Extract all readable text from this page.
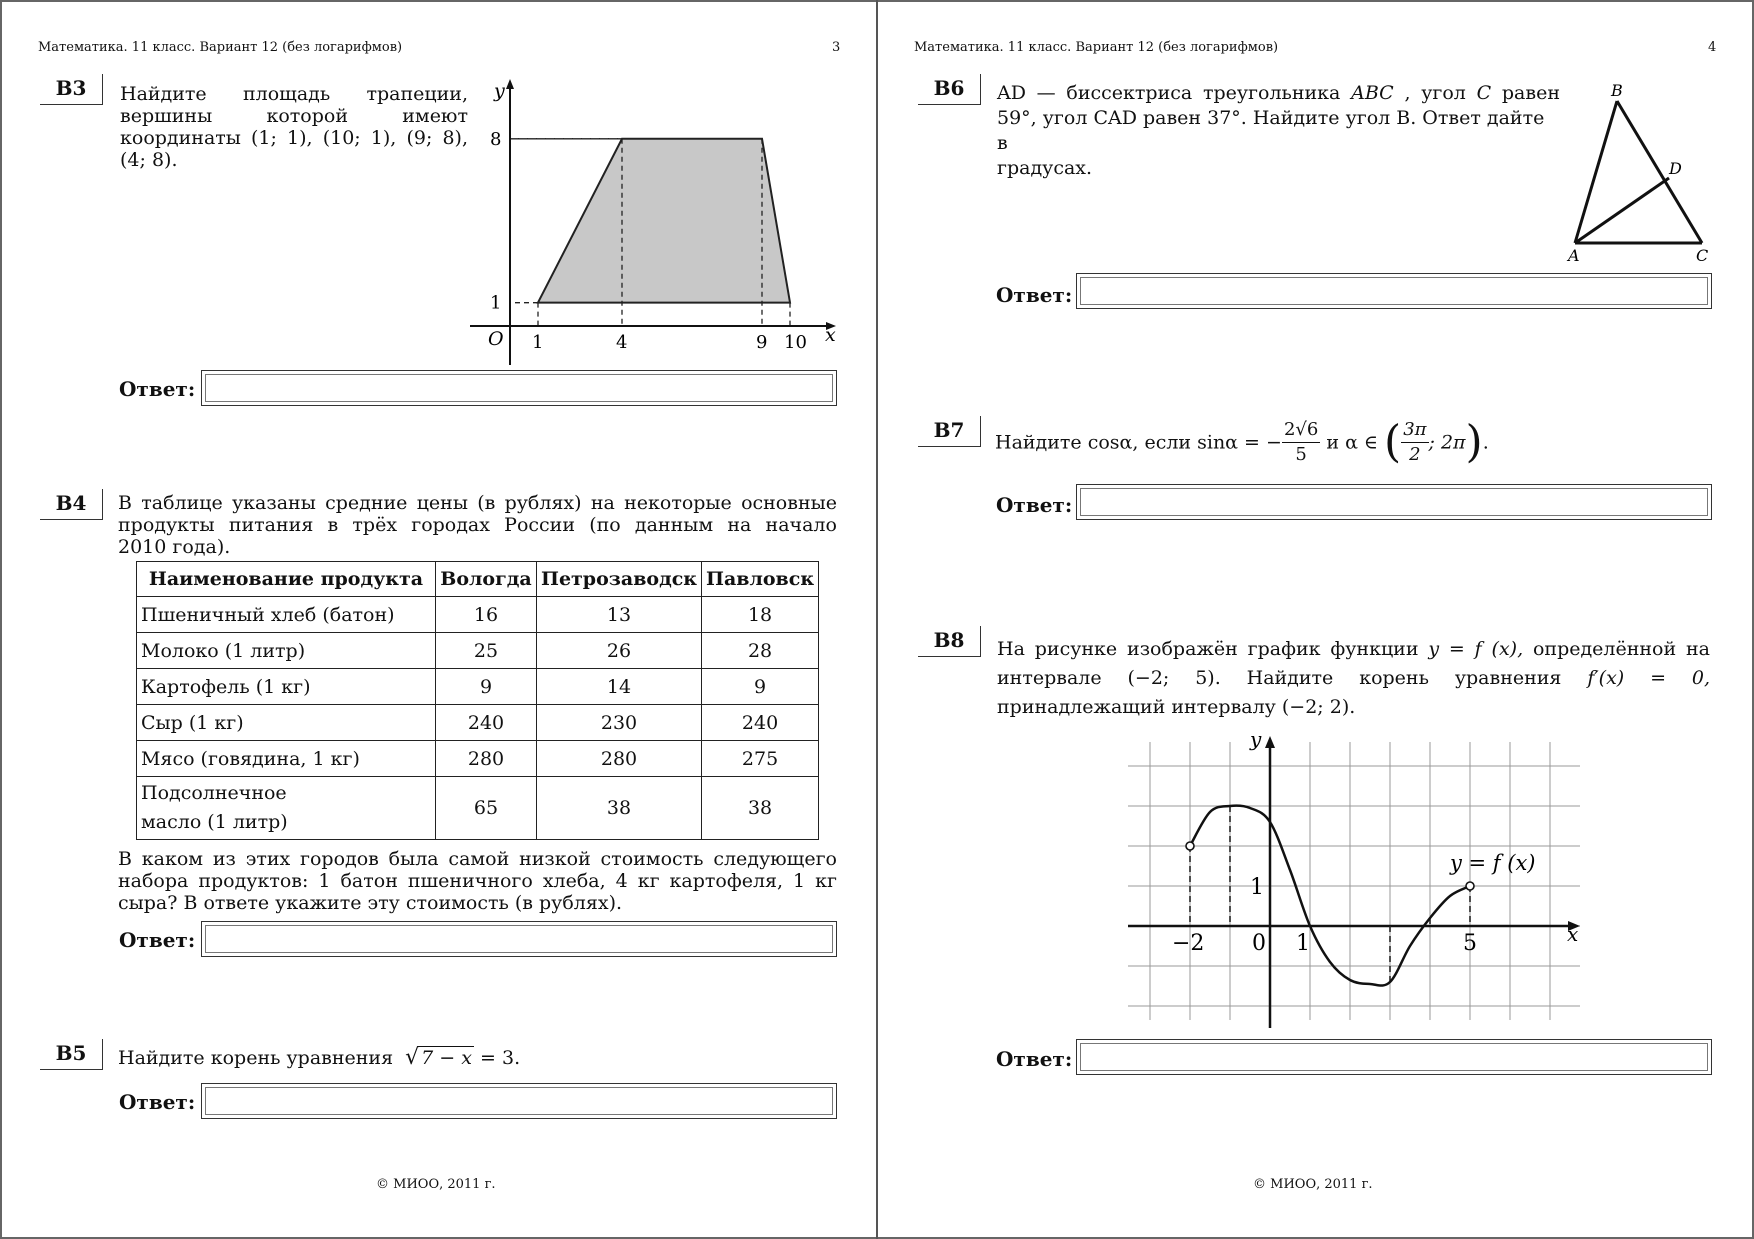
Математика. 11 класс. Вариант 12 (без логарифмов)	3
B3	Найдите площадь трапеции,
вершины	которой	имеют
координаты (1; 1), (10; 1), (9; 8),
(4; 8).
1	4	9 10
1
8
y
x
O
Ответ:
B4	В таблице указаны средние цены (в рублях) на некоторые основные
продукты питания в трёх городах России (по данным на начало
2010 года).
Наименование продукта	Вологда	Петрозаводск	Павловск
Пшеничный хлеб (батон)	16	13	18
Молоко (1 литр)	25	26	28
Картофель (1 кг)	9	14	9
Сыр (1 кг)	240	230	240
Мясо (говядина, 1 кг)	280	280	275

Подсолнечное
масло (1 литр)	65	38	38
В каком из этих городов была самой низкой стоимость следующего
набора продуктов: 1 батон пшеничного хлеба, 4 кг картофеля, 1 кг
сыра? В ответе укажите эту стоимость (в рублях).
Ответ:
B5	Найдите корень уравнения √ 7 − x = 3.
Ответ:
© МИОО, 2011 г.
Математика. 11 класс. Вариант 12 (без логарифмов)	4
B6	AD — биссектриса треугольника ABC , угол C равен
59°, угол CAD равен 37°. Найдите угол B. Ответ дайте в
градусах.
B
D
A	C
Ответ:
B7
Найдите cosα, если sinα = − $\frac{2√6}{5}$ и α ∈ ( $\frac{3\pi}{2}$ ; 2π).
Ответ:
B8	На рисунке изображён график функции y = f (x), определённой на
интервале (−2; 5). Найдите корень уравнения f′(x) = 0,
принадлежащий интервалу (−2; 2).
−2 0 1	5
1
y
x
y = f (x)
Ответ:
© МИОО, 2011 г.
